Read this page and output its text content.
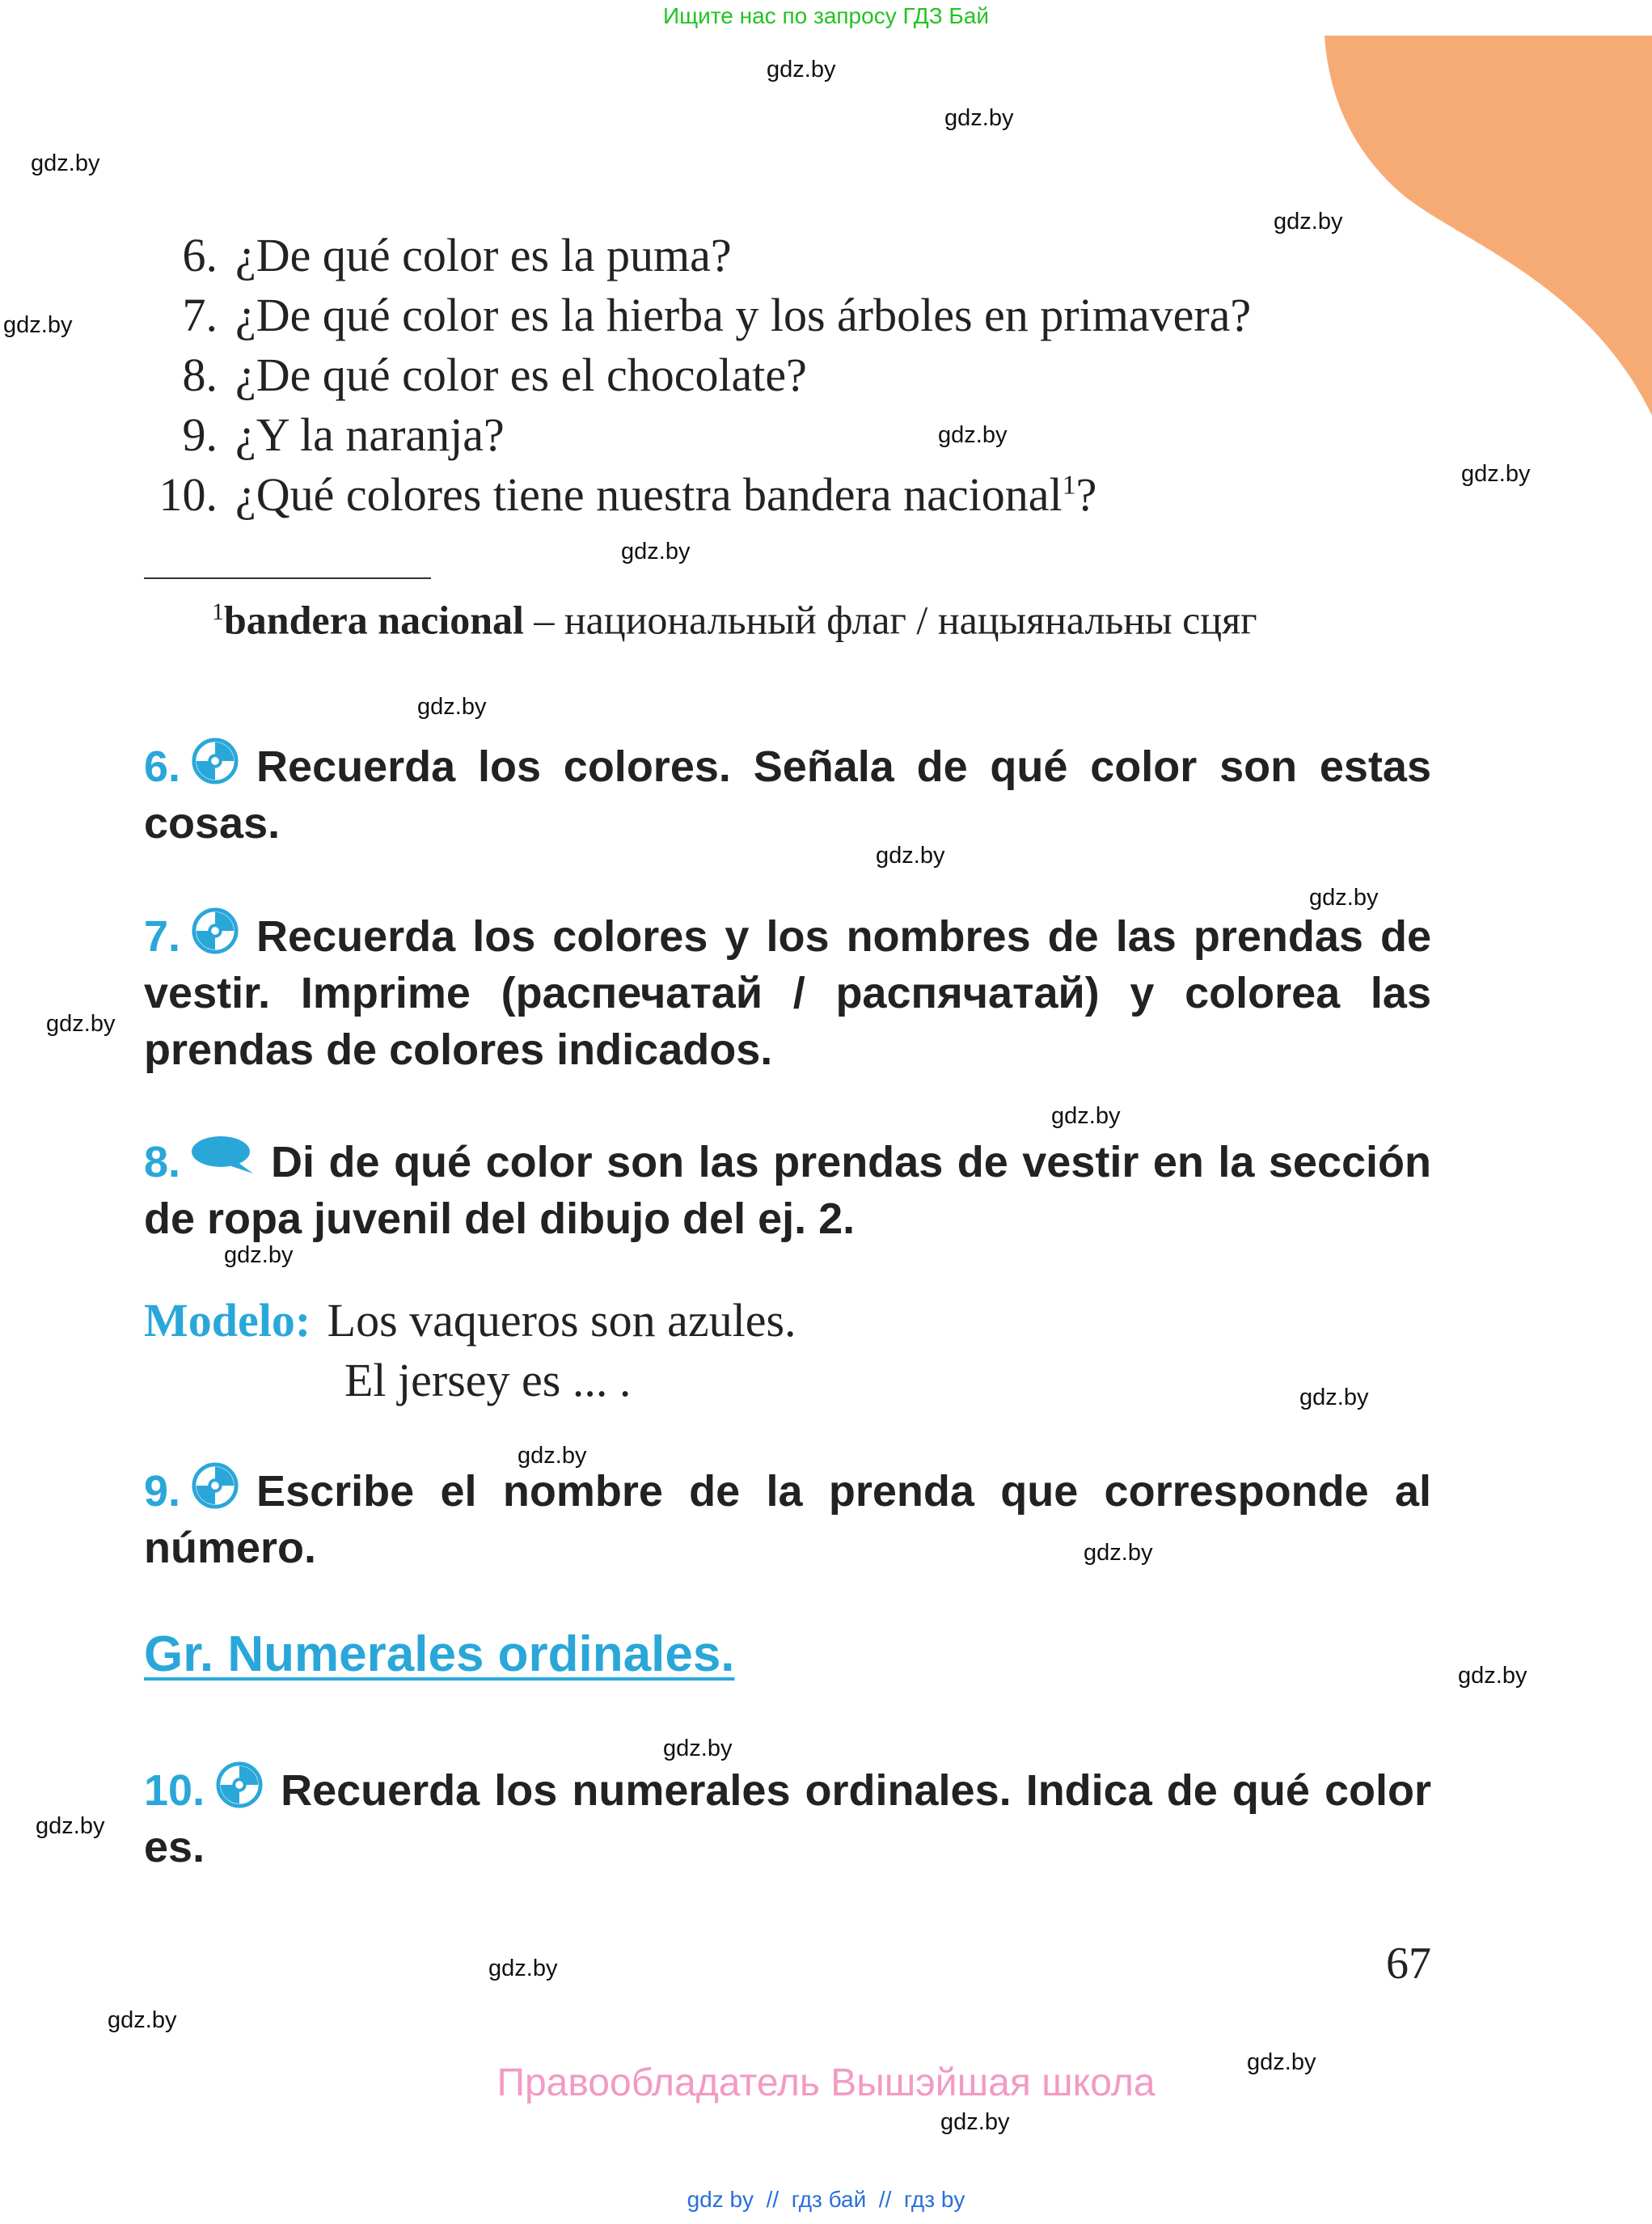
Ищите нас по запросу ГДЗ Бай
gdz.by
gdz.by
gdz.by
gdz.by
gdz.by
gdz.by
gdz.by
gdz.by
gdz.by
gdz.by
gdz.by
gdz.by
gdz.by
gdz.by
gdz.by
gdz.by
gdz.by
gdz.by
gdz.by
gdz.by
gdz.by
gdz.by
gdz.by
gdz.by
6. ¿De qué color es la puma?
7. ¿De qué color es la hierba y los árboles en primavera?
8. ¿De qué color es el chocolate?
9. ¿Y la naranja?
10. ¿Qué colores tiene nuestra bandera nacional$^1$?
$^1$bandera nacional – национальный флаг / нацыянальны сцяг
6. Recuerda los colores. Señala de qué color son estas cosas.
7. Recuerda los colores y los nombres de las prendas de vestir. Imprime (распечатай / распячатай) y colorea las prendas de colores indicados.
8. Di de qué color son las prendas de vestir en la sección de ropa juvenil del dibujo del ej. 2.
Modelo: Los vaqueros son azules.
El jersey es ... .
9. Escribe el nombre de la prenda que corresponde al número.
Gr. Numerales ordinales.
10. Recuerda los numerales ordinales. Indica de qué color es.
67
Правообладатель Вышэйшая школа
gdz by  //  гдз бай  //  гдз by
